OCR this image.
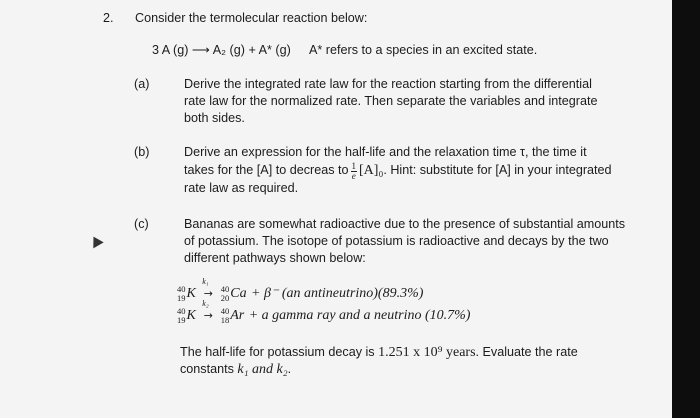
2. Consider the termolecular reaction below:
3 A (g) ⟶ A₂ (g) + A* (g) A* refers to a species in an excited state.
(a)	Derive the integrated rate law for the reaction starting from the differential
rate law for the normalized rate. Then separate the variables and integrate
both sides.
(b)	Derive an expression for the half-life and the relaxation time τ, the time it
takes for the [A] to decreas to $\frac{1}{e} [A]_0$. Hint: substitute for [A] in your integrated
rate law as required.
(c)	Bananas are somewhat radioactive due to the presence of substantial amounts
of potassium. The isotope of potassium is radioactive and decays by the two
different pathways shown below:
40
19 K
k₁
→ 40
20 Ca + β⁻ (an antineutrino)(89.3%)
40
19 K
k₂
→ 40
18 Ar + a gamma ray and a neutrino (10.7%)
The half-life for potassium decay is 1.251 x 10⁹ years. Evaluate the rate
constants k₁ and k₂.
